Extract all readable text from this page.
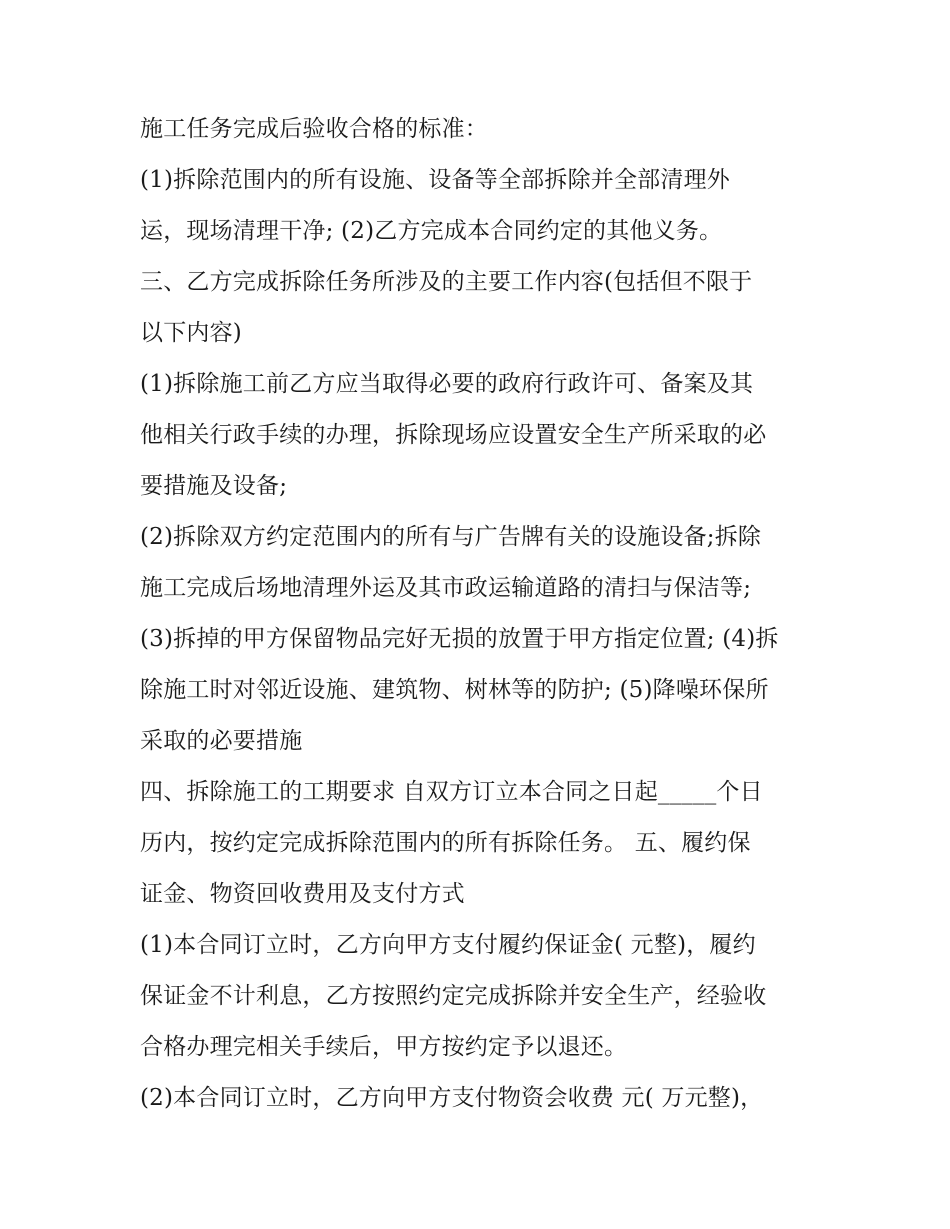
施工任务完成后验收合格的标准：
(1)拆除范围内的所有设施、设备等全部拆除并全部清理外
运，现场清理干净; (2)乙方完成本合同约定的其他义务。
三、乙方完成拆除任务所涉及的主要工作内容(包括但不限于
以下内容)
(1)拆除施工前乙方应当取得必要的政府行政许可、备案及其
他相关行政手续的办理，拆除现场应设置安全生产所采取的必
要措施及设备;
(2)拆除双方约定范围内的所有与广告牌有关的设施设备;拆除
施工完成后场地清理外运及其市政运输道路的清扫与保洁等;
(3)拆掉的甲方保留物品完好无损的放置于甲方指定位置; (4)拆
除施工时对邻近设施、建筑物、树林等的防护; (5)降噪环保所
采取的必要措施
四、拆除施工的工期要求 自双方订立本合同之日起_____个日
历内，按约定完成拆除范围内的所有拆除任务。 五、履约保
证金、物资回收费用及支付方式
(1)本合同订立时，乙方向甲方支付履约保证金( 元整)，履约
保证金不计利息，乙方按照约定完成拆除并安全生产，经验收
合格办理完相关手续后，甲方按约定予以退还。
(2)本合同订立时，乙方向甲方支付物资会收费 元( 万元整)，
